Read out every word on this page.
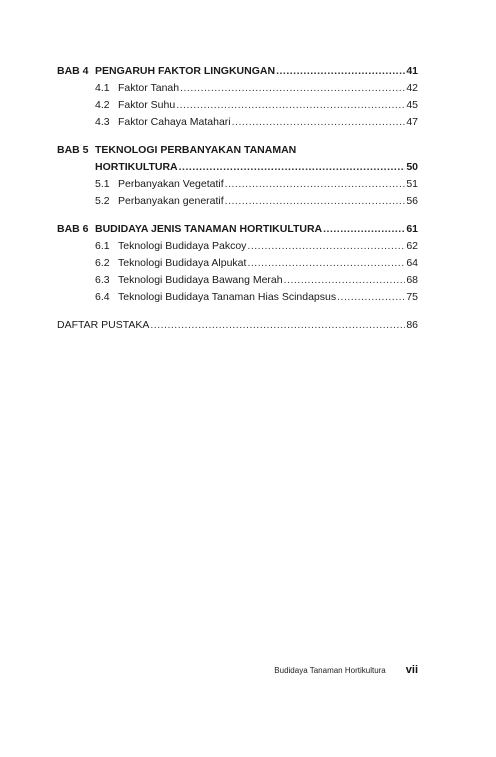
BAB 4 PENGARUH FAKTOR LINGKUNGAN .....	41
4.1 Faktor Tanah .....	42
4.2 Faktor Suhu .....	45
4.3 Faktor Cahaya Matahari .....	47
BAB 5 TEKNOLOGI PERBANYAKAN TANAMAN
HORTIKULTURA .....	50
5.1 Perbanyakan Vegetatif .....	51
5.2 Perbanyakan generatif .....	56
BAB 6 BUDIDAYA JENIS TANAMAN HORTIKULTURA .....	61
6.1 Teknologi Budidaya Pakcoy .....	62
6.2 Teknologi Budidaya Alpukat .....	64
6.3 Teknologi Budidaya Bawang Merah .....	68
6.4 Teknologi Budidaya Tanaman Hias Scindapsus .....	75
DAFTAR PUSTAKA .....	86
Budidaya Tanaman Hortikultura vii
